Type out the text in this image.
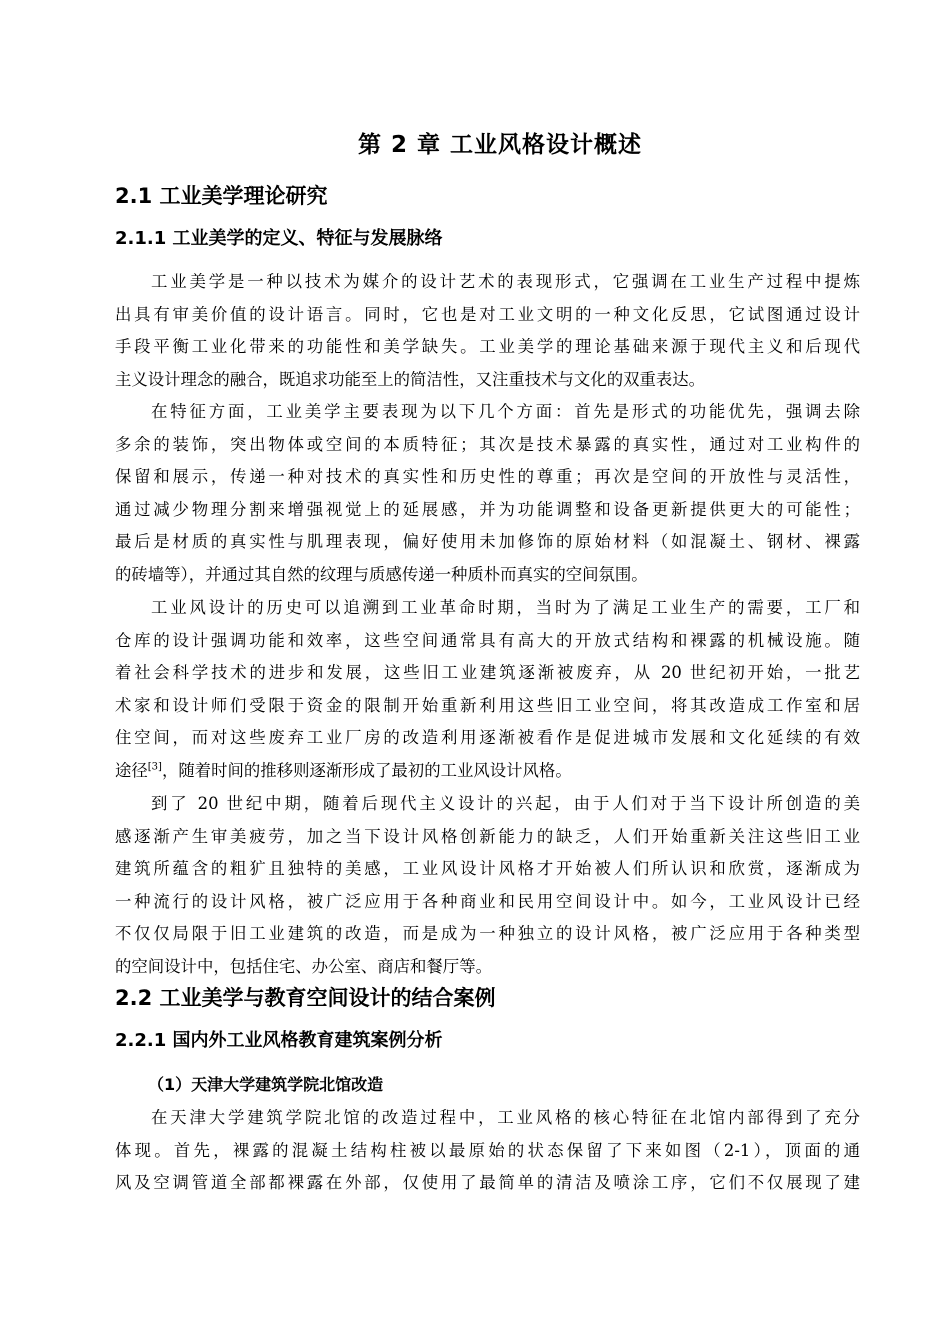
第 2 章 工业风格设计概述
2.1 工业美学理论研究
2.1.1 工业美学的定义、特征与发展脉络
工业美学是一种以技术为媒介的设计艺术的表现形式，它强调在工业生产过程中提炼
出具有审美价值的设计语言。同时，它也是对工业文明的一种文化反思，它试图通过设计
手段平衡工业化带来的功能性和美学缺失。工业美学的理论基础来源于现代主义和后现代
主义设计理念的融合，既追求功能至上的简洁性，又注重技术与文化的双重表达。
在特征方面，工业美学主要表现为以下几个方面：首先是形式的功能优先，强调去除
多余的装饰，突出物体或空间的本质特征；其次是技术暴露的真实性，通过对工业构件的
保留和展示，传递一种对技术的真实性和历史性的尊重；再次是空间的开放性与灵活性，
通过减少物理分割来增强视觉上的延展感，并为功能调整和设备更新提供更大的可能性；
最后是材质的真实性与肌理表现，偏好使用未加修饰的原始材料（如混凝土、钢材、裸露
的砖墙等），并通过其自然的纹理与质感传递一种质朴而真实的空间氛围。
工业风设计的历史可以追溯到工业革命时期，当时为了满足工业生产的需要，工厂和
仓库的设计强调功能和效率，这些空间通常具有高大的开放式结构和裸露的机械设施。随
着社会科学技术的进步和发展，这些旧工业建筑逐渐被废弃，从 20 世纪初开始，一批艺
术家和设计师们受限于资金的限制开始重新利用这些旧工业空间，将其改造成工作室和居
住空间，而对这些废弃工业厂房的改造利用逐渐被看作是促进城市发展和文化延续的有效
途径[3]，随着时间的推移则逐渐形成了最初的工业风设计风格。
到了 20 世纪中期，随着后现代主义设计的兴起，由于人们对于当下设计所创造的美
感逐渐产生审美疲劳，加之当下设计风格创新能力的缺乏，人们开始重新关注这些旧工业
建筑所蕴含的粗犷且独特的美感，工业风设计风格才开始被人们所认识和欣赏，逐渐成为
一种流行的设计风格，被广泛应用于各种商业和民用空间设计中。如今，工业风设计已经
不仅仅局限于旧工业建筑的改造，而是成为一种独立的设计风格，被广泛应用于各种类型
的空间设计中，包括住宅、办公室、商店和餐厅等。
2.2 工业美学与教育空间设计的结合案例
2.2.1 国内外工业风格教育建筑案例分析
（1）天津大学建筑学院北馆改造
在天津大学建筑学院北馆的改造过程中，工业风格的核心特征在北馆内部得到了充分
体现。首先，裸露的混凝土结构柱被以最原始的状态保留了下来如图（2-1），顶面的通
风及空调管道全部都裸露在外部，仅使用了最简单的清洁及喷涂工序，它们不仅展现了建
